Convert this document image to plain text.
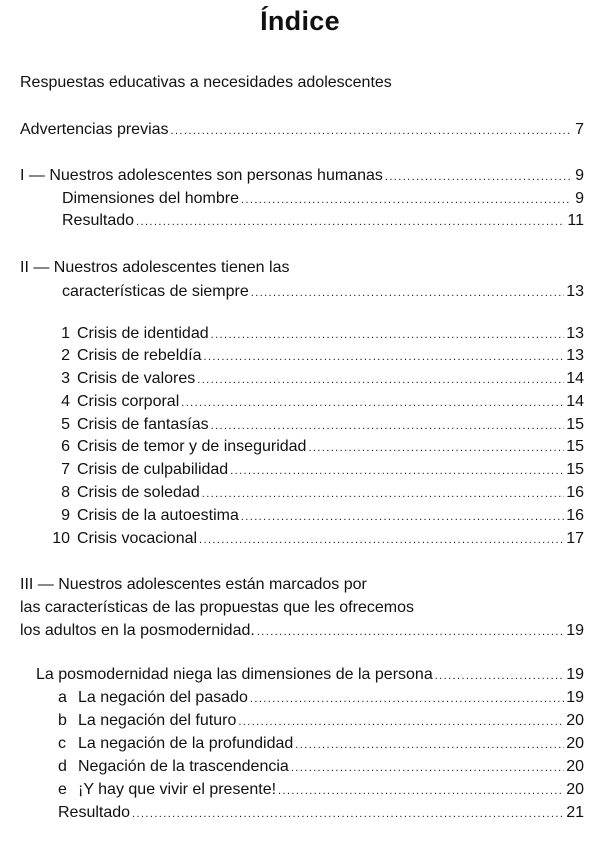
Índice
Respuestas educativas a necesidades adolescentes
Advertencias previas .....	7
I — Nuestros adolescentes son personas humanas .....	9
Dimensiones del hombre .....	9
Resultado .....	11
II — Nuestros adolescentes tienen las
características de siempre .....	13
1 Crisis de identidad .....	13
2 Crisis de rebeldía .....	13
3 Crisis de valores .....	14
4 Crisis corporal .....	14
5 Crisis de fantasías .....	15
6 Crisis de temor y de inseguridad .....	15
7 Crisis de culpabilidad .....	15
8 Crisis de soledad .....	16
9 Crisis de la autoestima .....	16
10 Crisis vocacional .....	17
III — Nuestros adolescentes están marcados por
las características de las propuestas que les ofrecemos
los adultos en la posmodernidad. .....	19
La posmodernidad niega las dimensiones de la persona .....	19
a La negación del pasado .....	19
b La negación del futuro .....	20
c La negación de la profundidad .....	20
d Negación de la trascendencia .....	20
e ¡Y hay que vivir el presente! .....	20
Resultado .....	21
